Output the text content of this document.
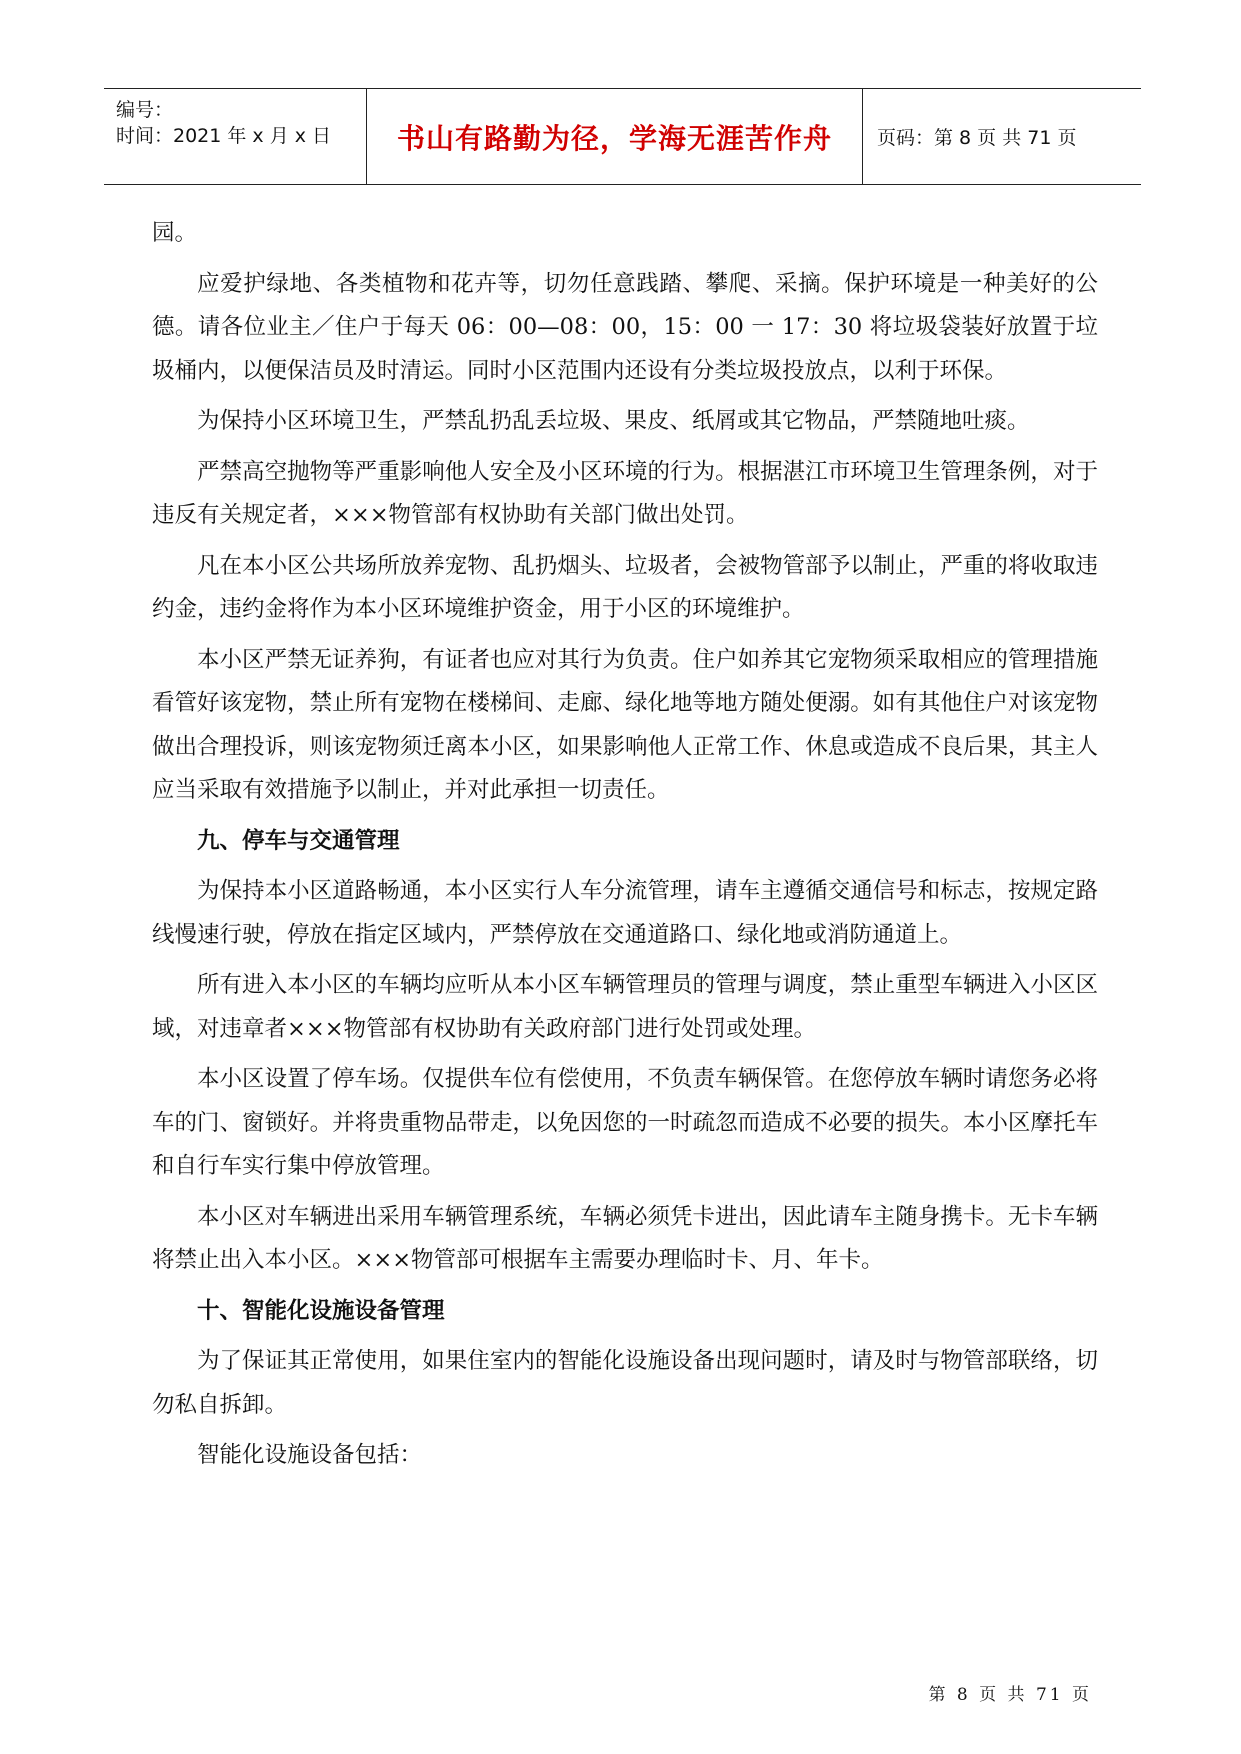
编号：
时间：2021 年 x 月 x 日 书山有路勤为径，学海无涯苦作舟 页码：第 8 页 共 71 页

园。

应爱护绿地、各类植物和花卉等，切勿任意践踏、攀爬、采摘。保护环境是一种美好的公德。请各位业主／住户于每天 06：00—08：00，15：00 一 17：30 将垃圾袋装好放置于垃圾桶内，以便保洁员及时清运。同时小区范围内还设有分类垃圾投放点，以利于环保。

为保持小区环境卫生，严禁乱扔乱丢垃圾、果皮、纸屑或其它物品，严禁随地吐痰。

严禁高空抛物等严重影响他人安全及小区环境的行为。根据湛江市环境卫生管理条例，对于违反有关规定者，×××物管部有权协助有关部门做出处罚。

凡在本小区公共场所放养宠物、乱扔烟头、垃圾者，会被物管部予以制止，严重的将收取违约金，违约金将作为本小区环境维护资金，用于小区的环境维护。

本小区严禁无证养狗，有证者也应对其行为负责。住户如养其它宠物须采取相应的管理措施看管好该宠物，禁止所有宠物在楼梯间、走廊、绿化地等地方随处便溺。如有其他住户对该宠物做出合理投诉，则该宠物须迁离本小区，如果影响他人正常工作、休息或造成不良后果，其主人应当采取有效措施予以制止，并对此承担一切责任。

九、停车与交通管理

为保持本小区道路畅通，本小区实行人车分流管理，请车主遵循交通信号和标志，按规定路线慢速行驶，停放在指定区域内，严禁停放在交通道路口、绿化地或消防通道上。

所有进入本小区的车辆均应听从本小区车辆管理员的管理与调度，禁止重型车辆进入小区区域，对违章者×××物管部有权协助有关政府部门进行处罚或处理。

本小区设置了停车场。仅提供车位有偿使用，不负责车辆保管。在您停放车辆时请您务必将车的门、窗锁好。并将贵重物品带走，以免因您的一时疏忽而造成不必要的损失。本小区摩托车和自行车实行集中停放管理。

本小区对车辆进出采用车辆管理系统，车辆必须凭卡进出，因此请车主随身携卡。无卡车辆将禁止出入本小区。×××物管部可根据车主需要办理临时卡、月、年卡。

十、智能化设施设备管理

为了保证其正常使用，如果住室内的智能化设施设备出现问题时，请及时与物管部联络，切勿私自拆卸。

智能化设施设备包括：

第 8 页 共 71 页
